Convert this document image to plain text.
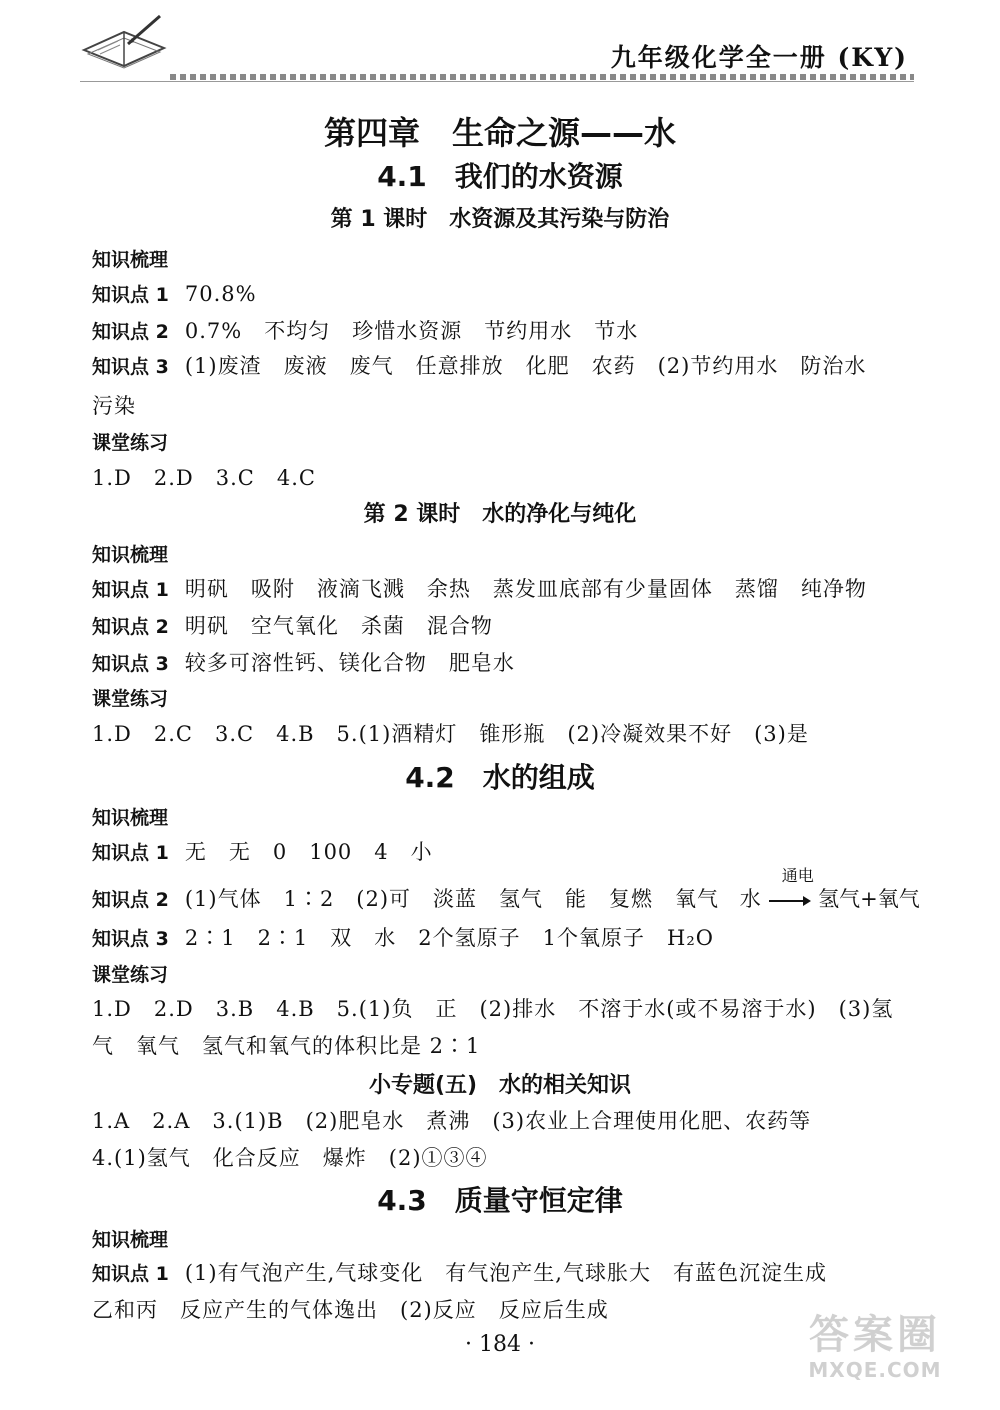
九年级化学全一册 (KY)
第四章　生命之源——水
4.1　我们的水资源
第 1 课时　水资源及其污染与防治
知识梳理
知识点 1 70.8%
知识点 2 0.7%　不均匀　珍惜水资源　节约用水　节水
知识点 3 (1)废渣　废液　废气　任意排放　化肥　农药　(2)节约用水　防治水
污染
课堂练习
1.D　2.D　3.C　4.C
第 2 课时　水的净化与纯化
知识梳理
知识点 1 明矾　吸附　液滴飞溅　余热　蒸发皿底部有少量固体　蒸馏　纯净物
知识点 2 明矾　空气氧化　杀菌　混合物
知识点 3 较多可溶性钙、镁化合物　肥皂水
课堂练习
1.D　2.C　3.C　4.B　5.(1)酒精灯　锥形瓶　(2)冷凝效果不好　(3)是
4.2　水的组成
知识梳理
知识点 1 无　无　0　100　4　小
知识点 2 (1)气体　1∶2　(2)可　淡蓝　氢气　能　复燃　氧气 水
通电
→ 氢气+氧气
知识点 3 2∶1　2∶1　双　水　2个氢原子　1个氧原子　H₂O
课堂练习
1.D　2.D　3.B　4.B　5.(1)负　正　(2)排水　不溶于水(或不易溶于水)　(3)氢
气　氧气　氢气和氧气的体积比是 2∶1
小专题(五)　水的相关知识
1.A　2.A　3.(1)B　(2)肥皂水　煮沸　(3)农业上合理使用化肥、农药等
4.(1)氢气　化合反应　爆炸　(2)①③④
4.3　质量守恒定律
知识梳理
知识点 1 (1)有气泡产生,气球变化　有气泡产生,气球胀大　有蓝色沉淀生成
乙和丙　反应产生的气体逸出　(2)反应　反应后生成
· 184 ·	答案圈
MXQE.COM
